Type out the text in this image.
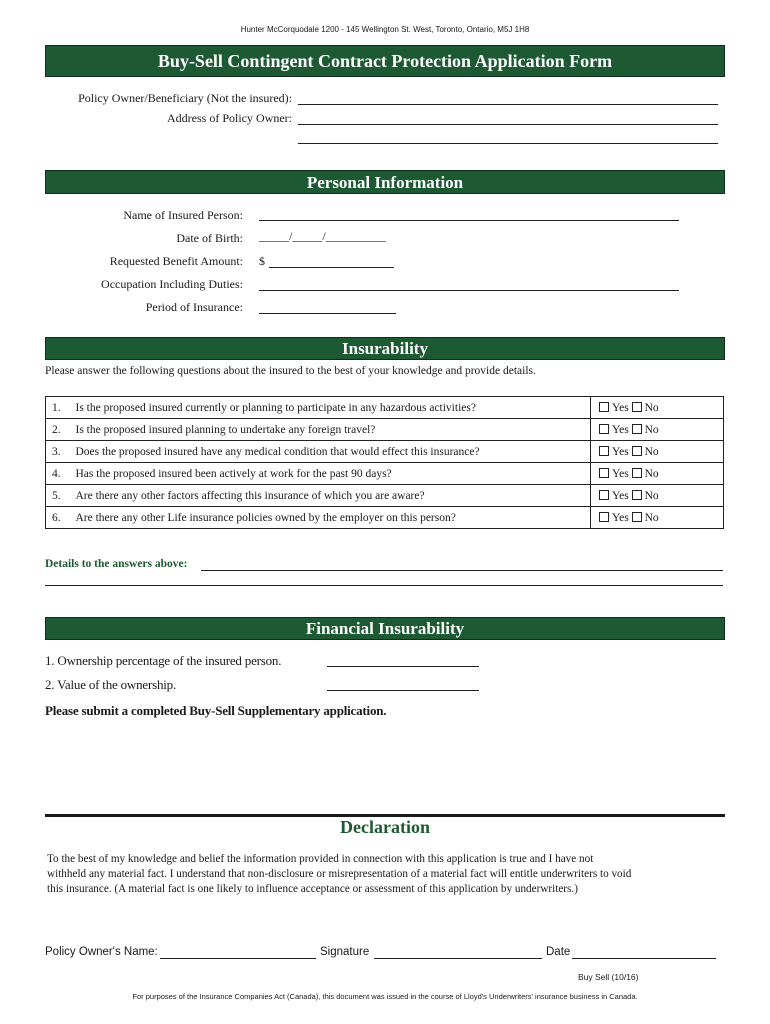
Hunter McCorquodale 1200 - 145 Wellington St. West, Toronto, Ontario, M5J 1H8
Buy-Sell Contingent Contract Protection Application Form
Policy Owner/Beneficiary (Not the insured):
Address of Policy Owner:
Personal Information
Name of Insured Person:
Date of Birth: _____/_____/__________
Requested Benefit Amount: $
Occupation Including Duties:
Period of Insurance:
Insurability
Please answer the following questions about the insured to the best of your knowledge and provide details.
1.	Is the proposed insured currently or planning to participate in any hazardous activities?	Yes No
2.	Is the proposed insured planning to undertake any foreign travel?	Yes No
3.	Does the proposed insured have any medical condition that would effect this insurance?	Yes No
4.	Has the proposed insured been actively at work for the past 90 days?	Yes No
5.	Are there any other factors affecting this insurance of which you are aware?	Yes No
6.	Are there any other Life insurance policies owned by the employer on this person?	Yes No
Details to the answers above:
Financial Insurability
1. Ownership percentage of the insured person.
2. Value of the ownership.
Please submit a completed Buy-Sell Supplementary application.
Declaration
To the best of my knowledge and belief the information provided in connection with this application is true and I have not
withheld any material fact. I understand that non-disclosure or misrepresentation of a material fact will entitle underwriters to void
this insurance. (A material fact is one likely to influence acceptance or assessment of this application by underwriters.)
Policy Owner's Name:	Signature	Date
Buy Sell (10/16)
For purposes of the Insurance Companies Act (Canada), this document was issued in the course of Lloyd's Underwriters' insurance business in Canada.
